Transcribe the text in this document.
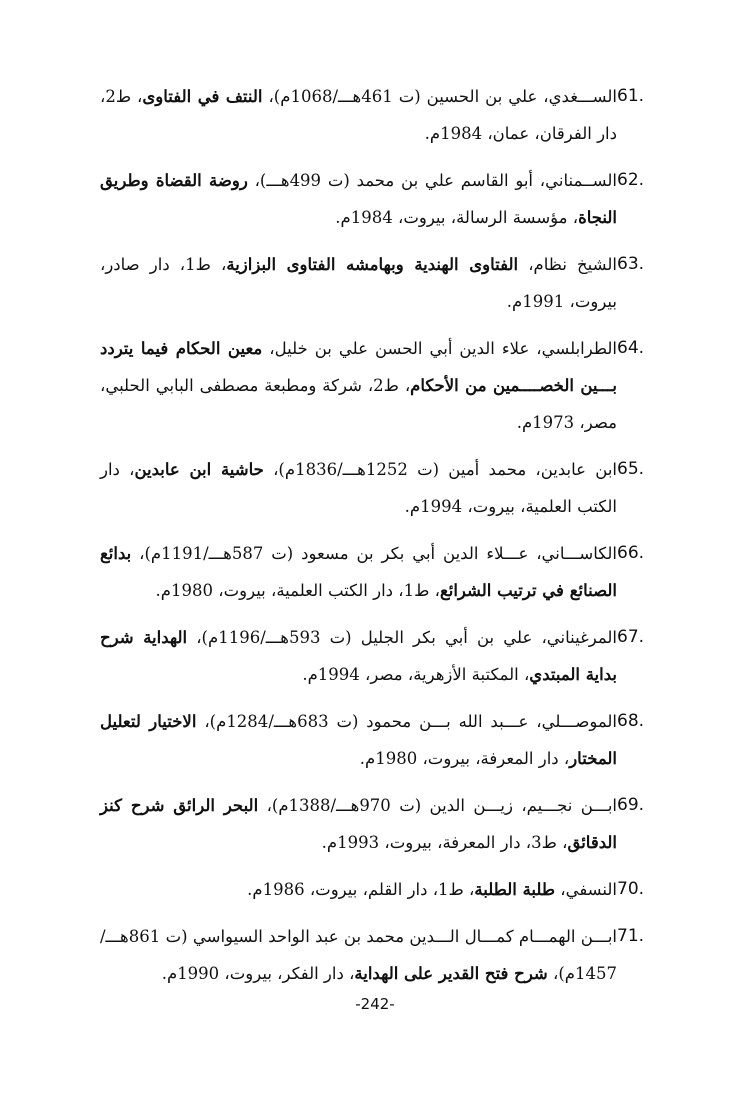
61.
الســـغدي، علي بن الحسين (ت 461هـــ/1068م)، النتف في الفتاوى، ط2، دار الفرقان، عمان، 1984م.
62.
الســمناني، أبو القاسم علي بن محمد (ت 499هـــ)، روضة القضاة وطريق النجاة، مؤسسة الرسالة، بيروت، 1984م.
63.
الشيخ نظام، الفتاوى الهندية وبهامشه الفتاوى البزازية، ط1، دار صادر، بيروت، 1991م.
64.
الطرابلسي، علاء الدين أبي الحسن علي بن خليل، معين الحكام فيما يتردد بـــين الخصــــمين من الأحكام، ط2، شركة ومطبعة مصطفى البابي الحلبي، مصر، 1973م.
65.
ابن عابدين، محمد أمين (ت 1252هـــ/1836م)، حاشية ابن عابدين، دار الكتب العلمية، بيروت، 1994م.
66.
الكاســـاني، عـــلاء الدين أبي بكر بن مسعود (ت 587هـــ/1191م)، بدائع الصنائع في ترتيب الشرائع، ط1، دار الكتب العلمية، بيروت، 1980م.
67.
المرغيناني، علي بن أبي بكر الجليل (ت 593هـــ/1196م)، الهداية شرح بداية المبتدي، المكتبة الأزهرية، مصر، 1994م.
68.
الموصـــلي، عـــبد الله بـــن محمود (ت 683هـــ/1284م)، الاختيار لتعليل المختار، دار المعرفة، بيروت، 1980م.
69.
ابـــن نجـــيم، زيـــن الدين (ت 970هـــ/1388م)، البحر الرائق شرح كنز الدقائق، ط3، دار المعرفة، بيروت، 1993م.
70.
النسفي، طلبة الطلبة، ط1، دار القلم، بيروت، 1986م.
71.
ابـــن الهمـــام كمـــال الـــدين محمد بن عبد الواحد السيواسي (ت 861هـــ/ 1457م)، شرح فتح القدير على الهداية، دار الفكر، بيروت، 1990م.
-242-
